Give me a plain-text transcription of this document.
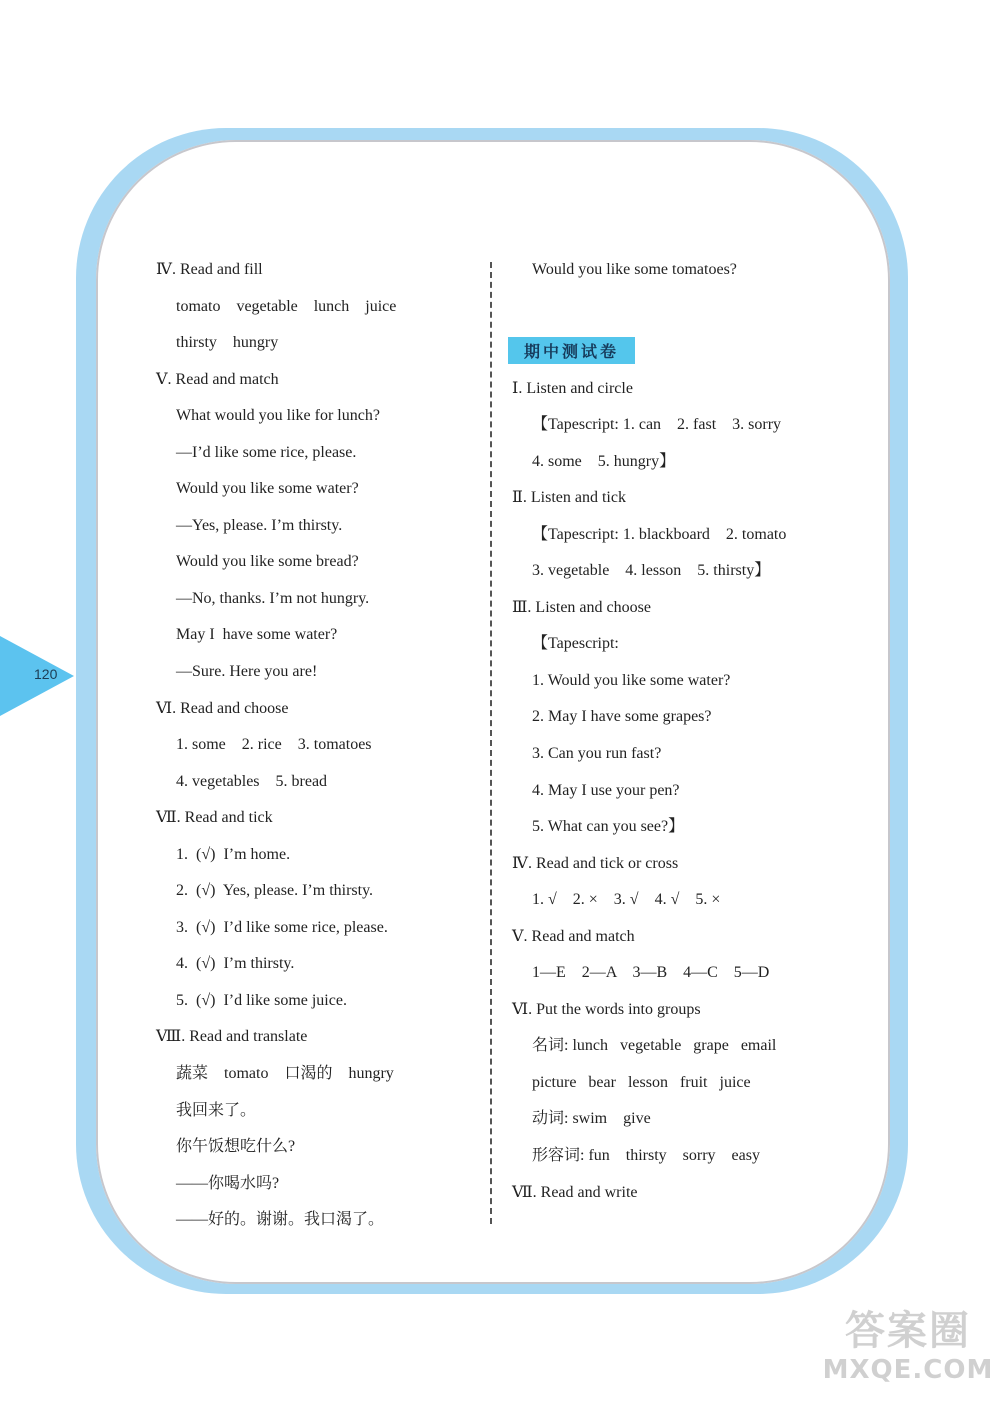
120
Ⅳ. Read and fill
tomato    vegetable    lunch    juice
thirsty    hungry
Ⅴ. Read and match
What would you like for lunch?
—I’d like some rice, please.
Would you like some water?
—Yes, please. I’m thirsty.
Would you like some bread?
—No, thanks. I’m not hungry.
May I  have some water?
—Sure. Here you are!
Ⅵ. Read and choose
1. some    2. rice    3. tomatoes
4. vegetables    5. bread
Ⅶ. Read and tick
1.  (√)  I’m home.
2.  (√)  Yes, please. I’m thirsty.
3.  (√)  I’d like some rice, please.
4.  (√)  I’m thirsty.
5.  (√)  I’d like some juice.
Ⅷ. Read and translate
蔬菜    tomato    口渴的    hungry
我回来了。
你午饭想吃什么?
——你喝水吗?
——好的。谢谢。我口渴了。
Would you like some tomatoes?
期中测试卷
Ⅰ. Listen and circle
【Tapescript: 1. can    2. fast    3. sorry
4. some    5. hungry】
Ⅱ. Listen and tick
【Tapescript: 1. blackboard    2. tomato
3. vegetable    4. lesson    5. thirsty】
Ⅲ. Listen and choose
【Tapescript:
1. Would you like some water?
2. May I have some grapes?
3. Can you run fast?
4. May I use your pen?
5. What can you see?】
Ⅳ. Read and tick or cross
1. √    2. ×    3. √    4. √    5. ×
Ⅴ. Read and match
1—E    2—A    3—B    4—C    5—D
Ⅵ. Put the words into groups
名词: lunch   vegetable   grape   email
picture   bear   lesson   fruit   juice
动词: swim    give
形容词: fun    thirsty    sorry    easy
Ⅶ. Read and write
答案圈
MXQE.COM
